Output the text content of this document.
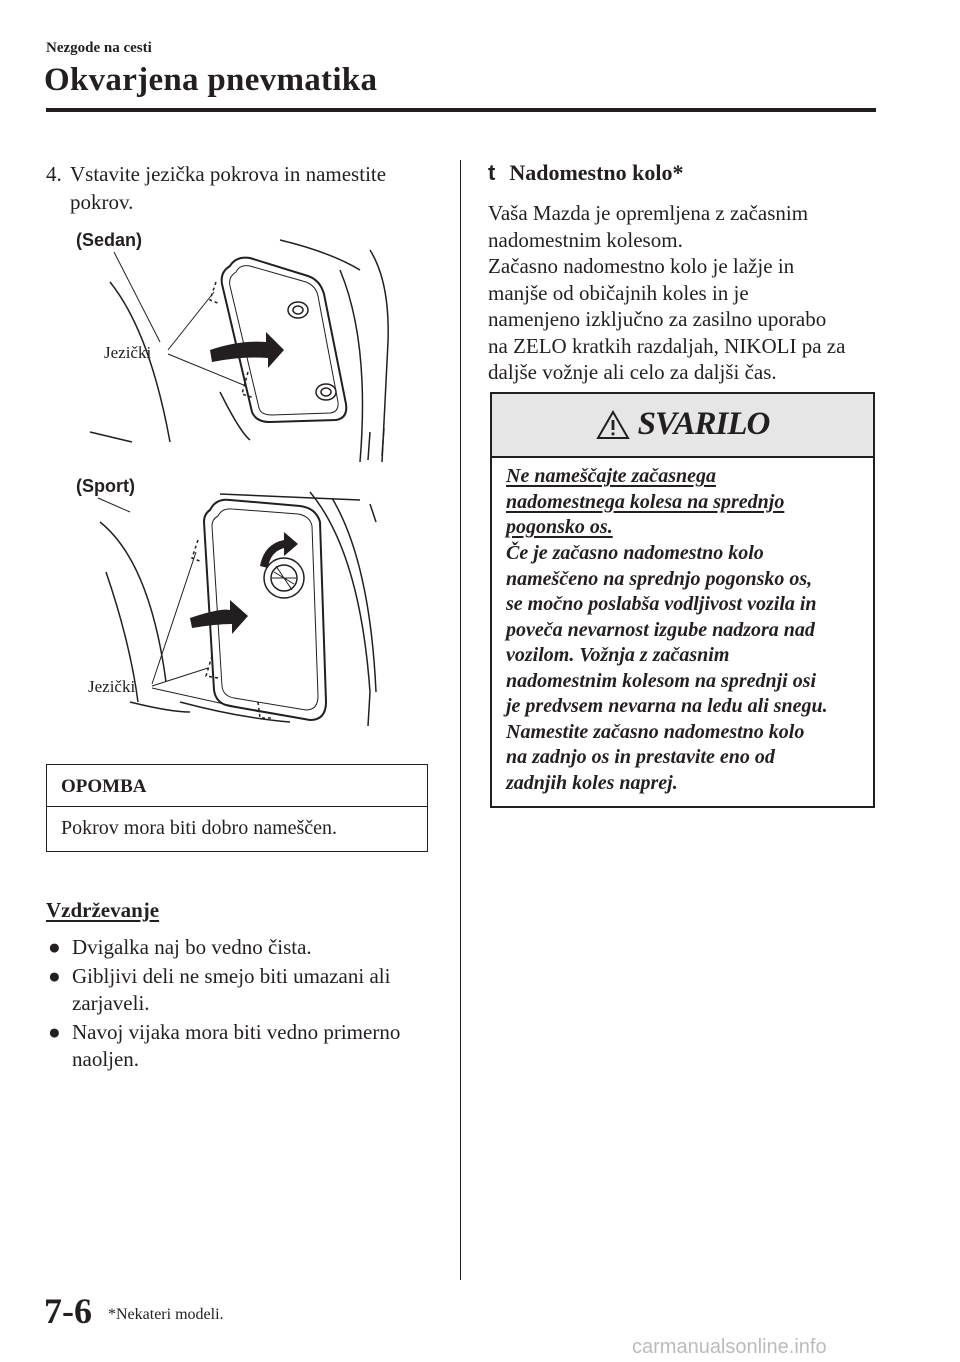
Nezgode na cesti
Okvarjena pnevmatika
4. Vstavite jezička pokrova in namestite pokrov.
(Sedan)
Jezički
(Sport)
Jezički
OPOMBA
Pokrov mora biti dobro nameščen.
Vzdrževanje
● Dvigalka naj bo vedno čista.
● Gibljivi deli ne smejo biti umazani ali zarjaveli.
● Navoj vijaka mora biti vedno primerno naoljen.
t Nadomestno kolo*
Vaša Mazda je opremljena z začasnim
nadomestnim kolesom.
Začasno nadomestno kolo je lažje in
manjše od običajnih koles in je
namenjeno izključno za zasilno uporabo
na ZELO kratkih razdaljah, NIKOLI pa za
daljše vožnje ali celo za daljši čas.
SVARILO
Ne nameščajte začasnega
nadomestnega kolesa na sprednjo
pogonsko os.
Če je začasno nadomestno kolo
nameščeno na sprednjo pogonsko os,
se močno poslabša vodljivost vozila in
poveča nevarnost izgube nadzora nad
vozilom. Vožnja z začasnim
nadomestnim kolesom na sprednji osi
je predvsem nevarna na ledu ali snegu.
Namestite začasno nadomestno kolo
na zadnjo os in prestavite eno od
zadnjih koles naprej.
7-6 *Nekateri modeli.
carmanualsonline.info
